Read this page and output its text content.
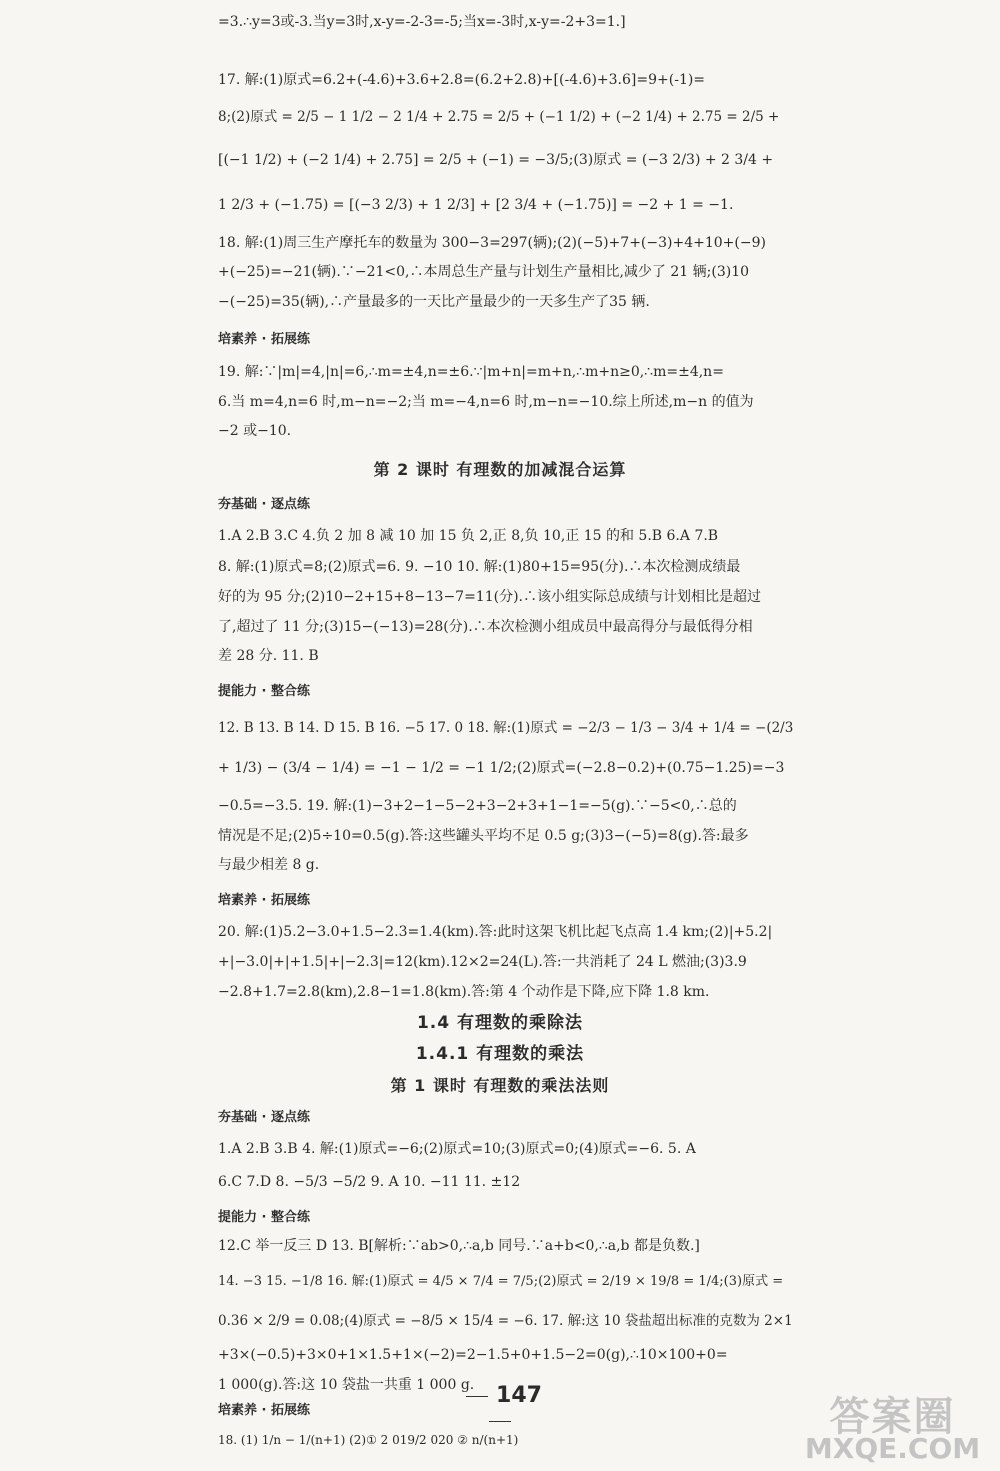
=3.∴y=3或-3.当y=3时,x-y=-2-3=-5;当x=-3时,x-y=-2+3=1.]
17. 解:(1)原式=6.2+(-4.6)+3.6+2.8=(6.2+2.8)+[(-4.6)+3.6]=9+(-1)=
8;(2)原式 = 2/5 − 1 1/2 − 2 1/4 + 2.75 = 2/5 + (−1 1/2) + (−2 1/4) + 2.75 = 2/5 +
[(−1 1/2) + (−2 1/4) + 2.75] = 2/5 + (−1) = −3/5;(3)原式 = (−3 2/3) + 2 3/4 +
1 2/3 + (−1.75) = [(−3 2/3) + 1 2/3] + [2 3/4 + (−1.75)] = −2 + 1 = −1.
18. 解:(1)周三生产摩托车的数量为 300−3=297(辆);(2)(−5)+7+(−3)+4+10+(−9)
+(−25)=−21(辆).∵−21<0,∴本周总生产量与计划生产量相比,减少了 21 辆;(3)10
−(−25)=35(辆),∴产量最多的一天比产量最少的一天多生产了35 辆.
培素养 · 拓展练
19. 解:∵|m|=4,|n|=6,∴m=±4,n=±6.∵|m+n|=m+n,∴m+n≥0,∴m=±4,n=
6.当 m=4,n=6 时,m−n=−2;当 m=−4,n=6 时,m−n=−10.综上所述,m−n 的值为
−2 或−10.
第 2 课时 有理数的加减混合运算
夯基础 · 逐点练
1.A 2.B 3.C 4.负 2 加 8 减 10 加 15 负 2,正 8,负 10,正 15 的和 5.B 6.A 7.B
8. 解:(1)原式=8;(2)原式=6. 9. −10 10. 解:(1)80+15=95(分).∴本次检测成绩最
好的为 95 分;(2)10−2+15+8−13−7=11(分).∴该小组实际总成绩与计划相比是超过
了,超过了 11 分;(3)15−(−13)=28(分).∴本次检测小组成员中最高得分与最低得分相
差 28 分. 11. B
提能力 · 整合练
12. B 13. B 14. D 15. B 16. −5 17. 0 18. 解:(1)原式 = −2/3 − 1/3 − 3/4 + 1/4 = −(2/3
+ 1/3) − (3/4 − 1/4) = −1 − 1/2 = −1 1/2;(2)原式=(−2.8−0.2)+(0.75−1.25)=−3
−0.5=−3.5. 19. 解:(1)−3+2−1−5−2+3−2+3+1−1=−5(g).∵−5<0,∴总的
情况是不足;(2)5÷10=0.5(g).答:这些罐头平均不足 0.5 g;(3)3−(−5)=8(g).答:最多
与最少相差 8 g.
培素养 · 拓展练
20. 解:(1)5.2−3.0+1.5−2.3=1.4(km).答:此时这架飞机比起飞点高 1.4 km;(2)|+5.2|
+|−3.0|+|+1.5|+|−2.3|=12(km).12×2=24(L).答:一共消耗了 24 L 燃油;(3)3.9
−2.8+1.7=2.8(km),2.8−1=1.8(km).答:第 4 个动作是下降,应下降 1.8 km.
1.4 有理数的乘除法
1.4.1 有理数的乘法
第 1 课时 有理数的乘法法则
夯基础 · 逐点练
1.A 2.B 3.B 4. 解:(1)原式=−6;(2)原式=10;(3)原式=0;(4)原式=−6. 5. A
6.C 7.D 8. −5/3 −5/2 9. A 10. −11 11. ±12
提能力 · 整合练
12.C 举一反三 D 13. B[解析:∵ab>0,∴a,b 同号.∵a+b<0,∴a,b 都是负数.]
14. −3 15. −1/8 16. 解:(1)原式 = 4/5 × 7/4 = 7/5;(2)原式 = 2/19 × 19/8 = 1/4;(3)原式 =
0.36 × 2/9 = 0.08;(4)原式 = −8/5 × 15/4 = −6. 17. 解:这 10 袋盐超出标准的克数为 2×1
+3×(−0.5)+3×0+1×1.5+1×(−2)=2−1.5+0+1.5−2=0(g),∴10×100+0=
1 000(g).答:这 10 袋盐一共重 1 000 g.
培素养 · 拓展练
18. (1) 1/n − 1/(n+1) (2)① 2 019/2 020 ② n/(n+1)
147	答案圈
MXQE.COM
